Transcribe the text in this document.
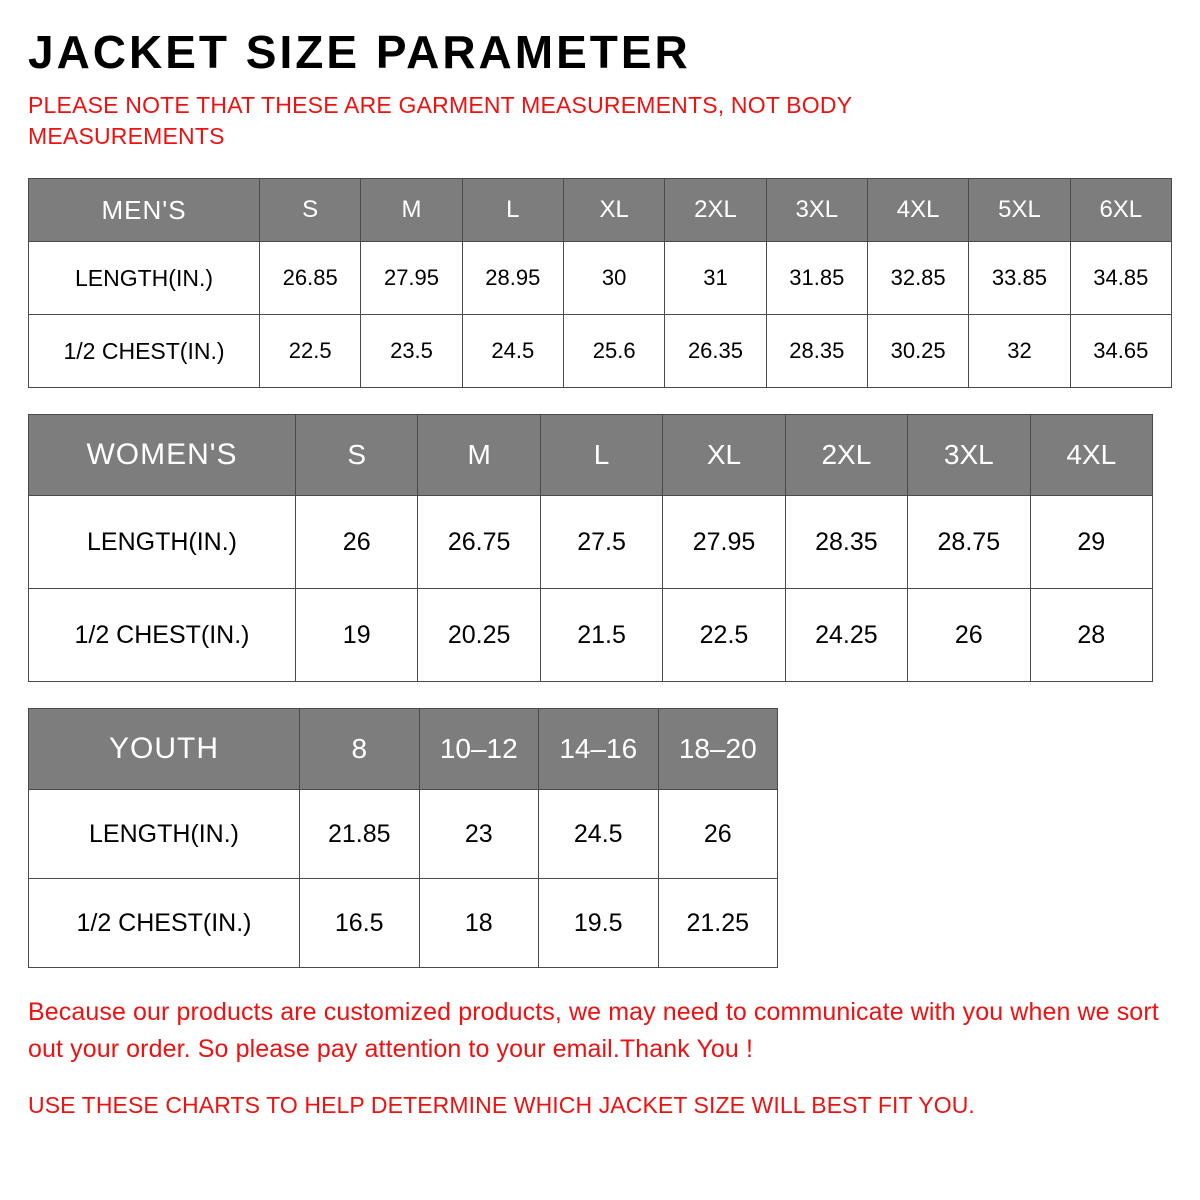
JACKET SIZE PARAMETER

PLEASE NOTE THAT THESE ARE GARMENT MEASUREMENTS, NOT BODY MEASUREMENTS

MEN'S	S	M	L	XL	2XL	3XL	4XL	5XL	6XL
LENGTH(IN.)	26.85	27.95	28.95	30	31	31.85	32.85	33.85	34.85
1/2 CHEST(IN.)	22.5	23.5	24.5	25.6	26.35	28.35	30.25	32	34.65
WOMEN'S	S	M	L	XL	2XL	3XL	4XL
LENGTH(IN.)	26	26.75	27.5	27.95	28.35	28.75	29
1/2 CHEST(IN.)	19	20.25	21.5	22.5	24.25	26	28
YOUTH	8	10–12	14–16	18–20
LENGTH(IN.)	21.85	23	24.5	26
1/2 CHEST(IN.)	16.5	18	19.5	21.25

Because our products are customized products, we may need to communicate with you when we sort out your order. So please pay attention to your email.Thank You !

USE THESE CHARTS TO HELP DETERMINE WHICH JACKET SIZE WILL BEST FIT YOU.
